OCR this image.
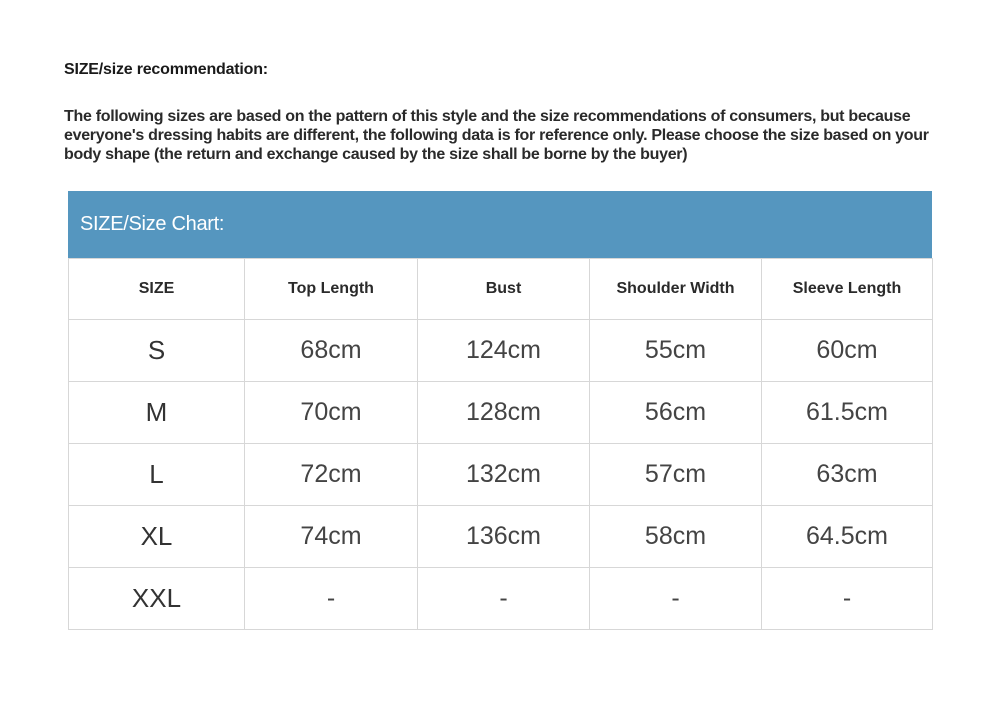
SIZE/size recommendation:

The following sizes are based on the pattern of this style and the size recommendations of consumers, but because everyone's dressing habits are different, the following data is for reference only. Please choose the size based on your body shape (the return and exchange caused by the size shall be borne by the buyer)

SIZE/Size Chart:
SIZE	Top Length	Bust	Shoulder Width	Sleeve Length
S	68cm	124cm	55cm	60cm
M	70cm	128cm	56cm	61.5cm
L	72cm	132cm	57cm	63cm
XL	74cm	136cm	58cm	64.5cm
XXL	-	-	-	-
